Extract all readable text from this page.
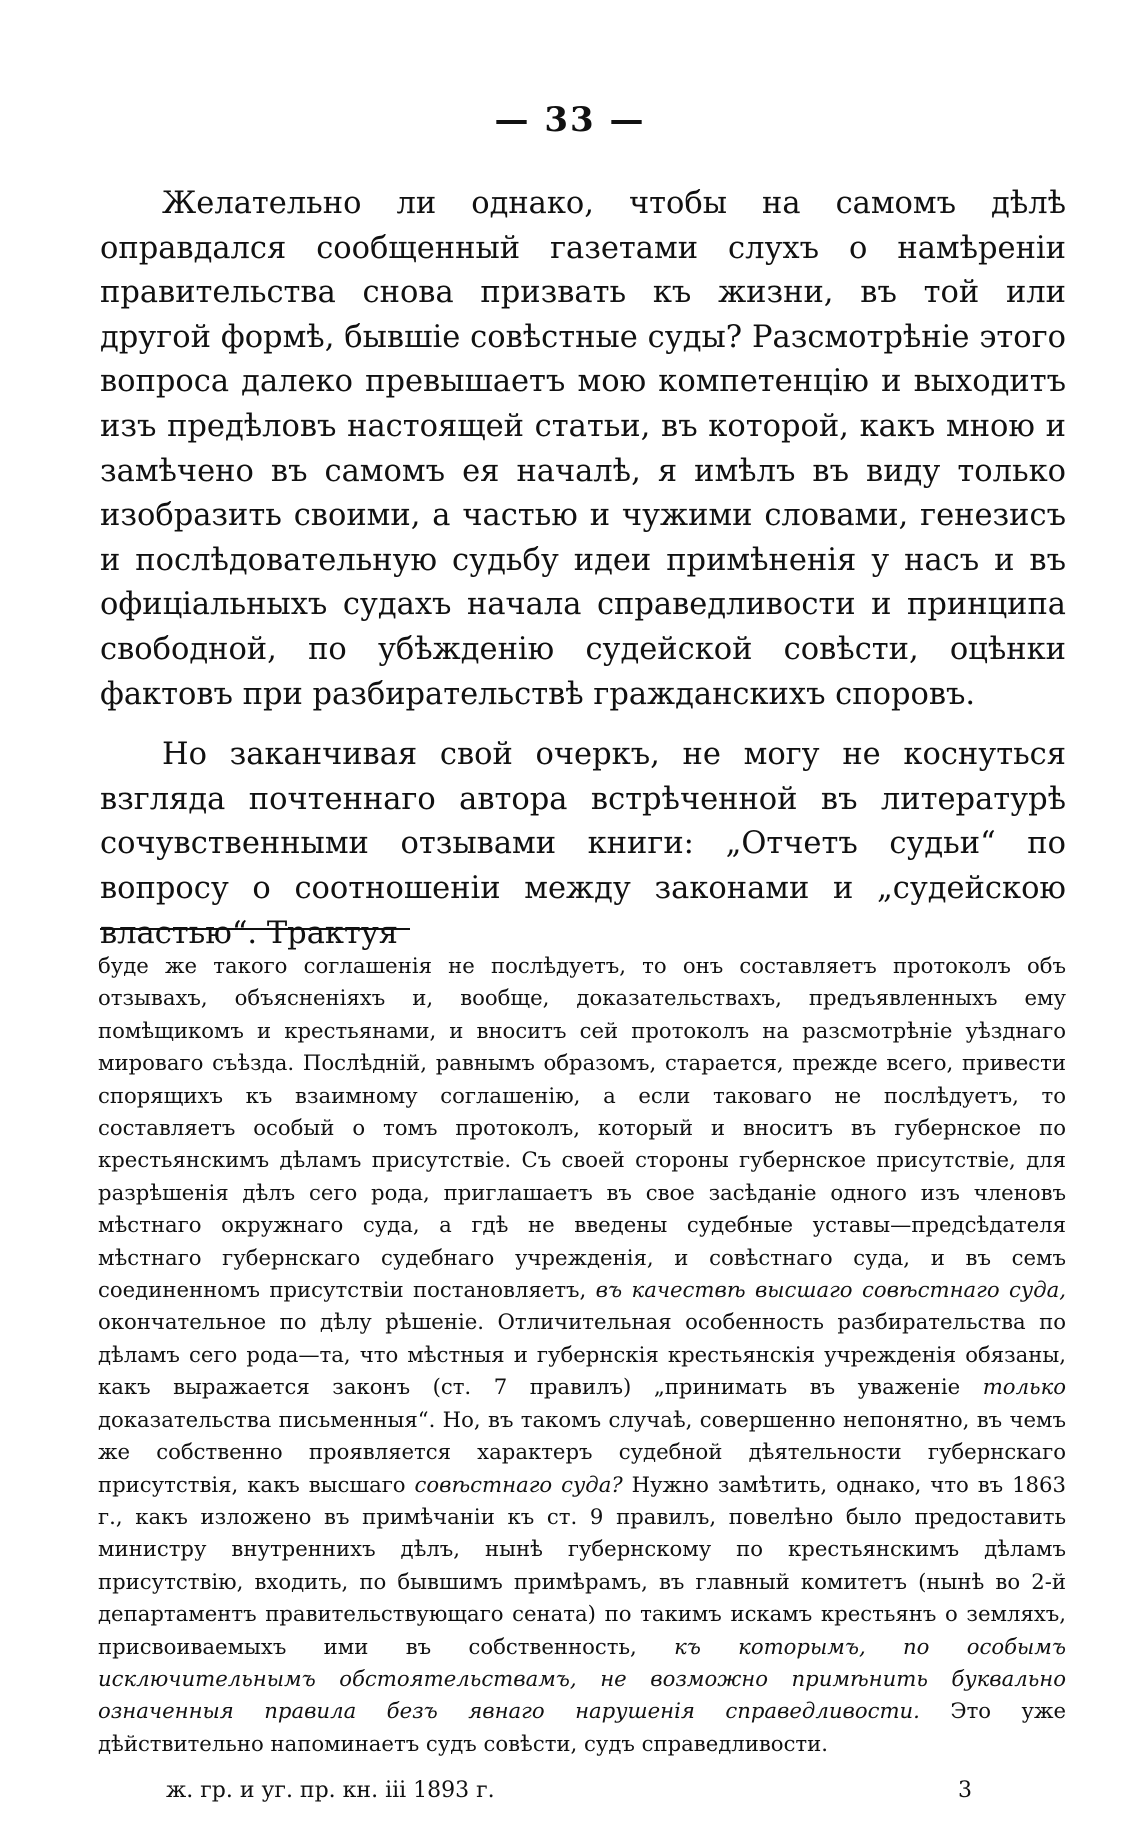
— 33 —

Желательно ли однако, чтобы на самомъ дѣлѣ оправдался сообщенный газетами слухъ о намѣреніи правительства снова призвать къ жизни, въ той или другой формѣ, бывшіе совѣстные суды? Разсмотрѣніе этого вопроса далеко превышаетъ мою компетенцію и выходитъ изъ предѣловъ настоящей статьи, въ которой, какъ мною и замѣчено въ самомъ ея началѣ, я имѣлъ въ виду только изобразить своими, а частью и чужими словами, генезисъ и послѣдовательную судьбу идеи примѣненія у насъ и въ офиціальныхъ судахъ начала справедливости и принципа свободной, по убѣжденію судейской совѣсти, оцѣнки фактовъ при разбирательствѣ гражданскихъ споровъ.

Но заканчивая свой очеркъ, не могу не коснуться взгляда почтеннаго автора встрѣченной въ литературѣ сочувственными отзывами книги: „Отчетъ судьи“ по вопросу о соотношеніи между законами и „судейскою властью“. Трактуя

буде же такого соглашенія не послѣдуетъ, то онъ составляетъ протоколъ объ отзывахъ, объясненіяхъ и, вообще, доказательствахъ, предъявленныхъ ему помѣщикомъ и крестьянами, и вноситъ сей протоколъ на разсмотрѣніе уѣзднаго мироваго съѣзда. Послѣдній, равнымъ образомъ, старается, прежде всего, привести спорящихъ къ взаимному соглашенію, а если таковаго не послѣдуетъ, то составляетъ особый о томъ протоколъ, который и вноситъ въ губернское по крестьянскимъ дѣламъ присутствіе. Съ своей стороны губернское присутствіе, для разрѣшенія дѣлъ сего рода, приглашаетъ въ свое засѣданіе одного изъ членовъ мѣстнаго окружнаго суда, а гдѣ не введены судебные уставы—предсѣдателя мѣстнаго губернскаго судебнаго учрежденія, и совѣстнаго суда, и въ семъ соединенномъ присутствіи постановляетъ, въ качествѣ высшаго совѣстнаго суда, окончательное по дѣлу рѣшеніе. Отличительная особенность разбирательства по дѣламъ сего рода—та, что мѣстныя и губернскія крестьянскія учрежденія обязаны, какъ выражается законъ (ст. 7 правилъ) „принимать въ уваженіе только доказательства письменныя“. Но, въ такомъ случаѣ, совершенно непонятно, въ чемъ же собственно проявляется характеръ судебной дѣятельности губернскаго присутствія, какъ высшаго совѣстнаго суда? Нужно замѣтить, однако, что въ 1863 г., какъ изложено въ примѣчаніи къ ст. 9 правилъ, повелѣно было предоставить министру внутреннихъ дѣлъ, нынѣ губернскому по крестьянскимъ дѣламъ присутствію, входить, по бывшимъ примѣрамъ, въ главный комитетъ (нынѣ во 2-й департаментъ правительствующаго сената) по такимъ искамъ крестьянъ о земляхъ, присвоиваемыхъ ими въ собственность, къ которымъ, по особымъ исключительнымъ обстоятельствамъ, не возможно примѣнить буквально означенныя правила безъ явнаго нарушенія справедливости. Это уже дѣйствительно напоминаетъ судъ совѣсти, судъ справедливости.

ж. гр. и уг. пр. кн. ііі 1893 г.	3
